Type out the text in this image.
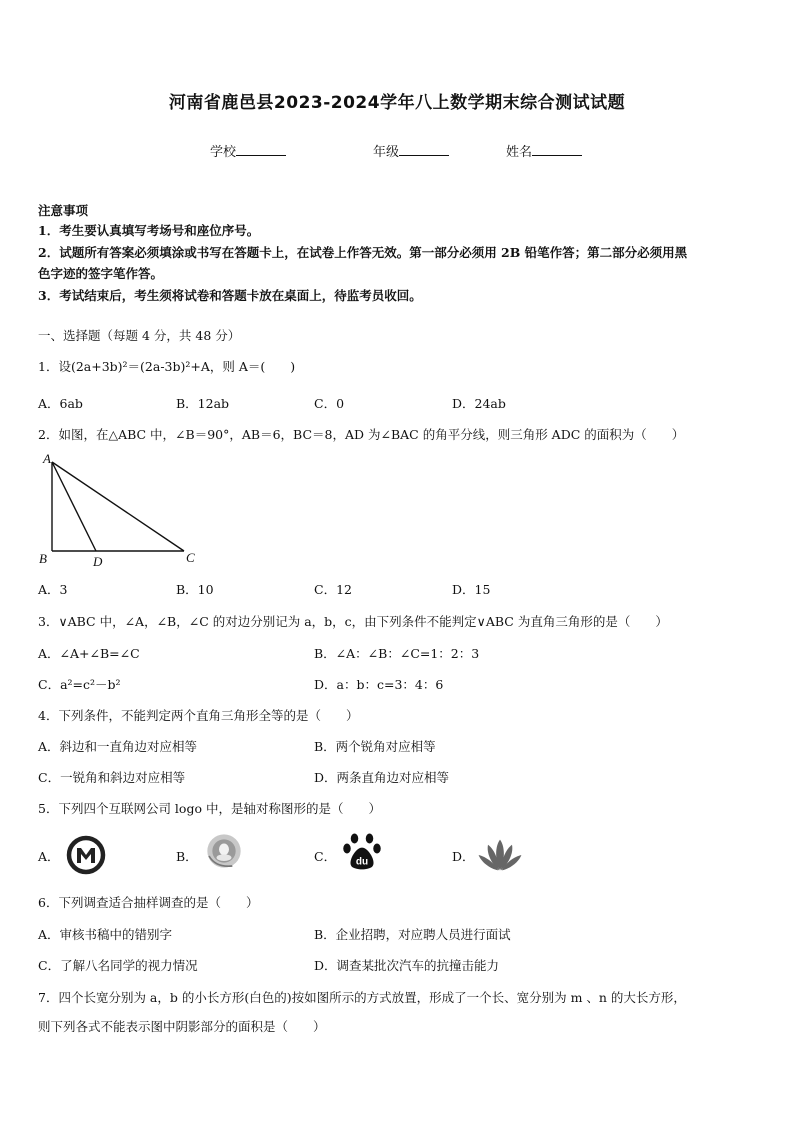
河南省鹿邑县2023-2024学年八上数学期末综合测试试题
学校	年级	姓名
注意事项
1．考生要认真填写考场号和座位序号。
2．试题所有答案必须填涂或书写在答题卡上，在试卷上作答无效。第一部分必须用 2B 铅笔作答；第二部分必须用黑
色字迹的签字笔作答。
3．考试结束后，考生须将试卷和答题卡放在桌面上，待监考员收回。
一、选择题（每题 4 分，共 48 分）
1．设(2a+3b)²＝(2a-3b)²+A，则 A＝(　　)
A．6ab	B．12ab	C．0	D．24ab
2．如图，在△ABC 中，∠B＝90°，AB＝6，BC＝8，AD 为∠BAC 的角平分线，则三角形 ADC 的面积为（　　）
A
B	D	C
A．3	B．10	C．12	D．15
3．∨ABC 中，∠A，∠B，∠C 的对边分别记为 a，b，c，由下列条件不能判定∨ABC 为直角三角形的是（　　）
A．∠A+∠B=∠C	B．∠A：∠B：∠C=1：2：3
C．a²=c²－b²	D．a：b：c=3：4：6
4．下列条件，不能判定两个直角三角形全等的是（　　）
A．斜边和一直角边对应相等	B．两个锐角对应相等
C．一锐角和斜边对应相等	D．两条直角边对应相等
5．下列四个互联网公司 logo 中，是轴对称图形的是（　　）
A．	B．	C． du	D．
6．下列调查适合抽样调查的是（　　）
A．审核书稿中的错别字	B．企业招聘，对应聘人员进行面试
C．了解八名同学的视力情况	D．调查某批次汽车的抗撞击能力
7．四个长宽分别为 a，b 的小长方形(白色的)按如图所示的方式放置，形成了一个长、宽分别为 m 、n 的大长方形，
则下列各式不能表示图中阴影部分的面积是（　　）
